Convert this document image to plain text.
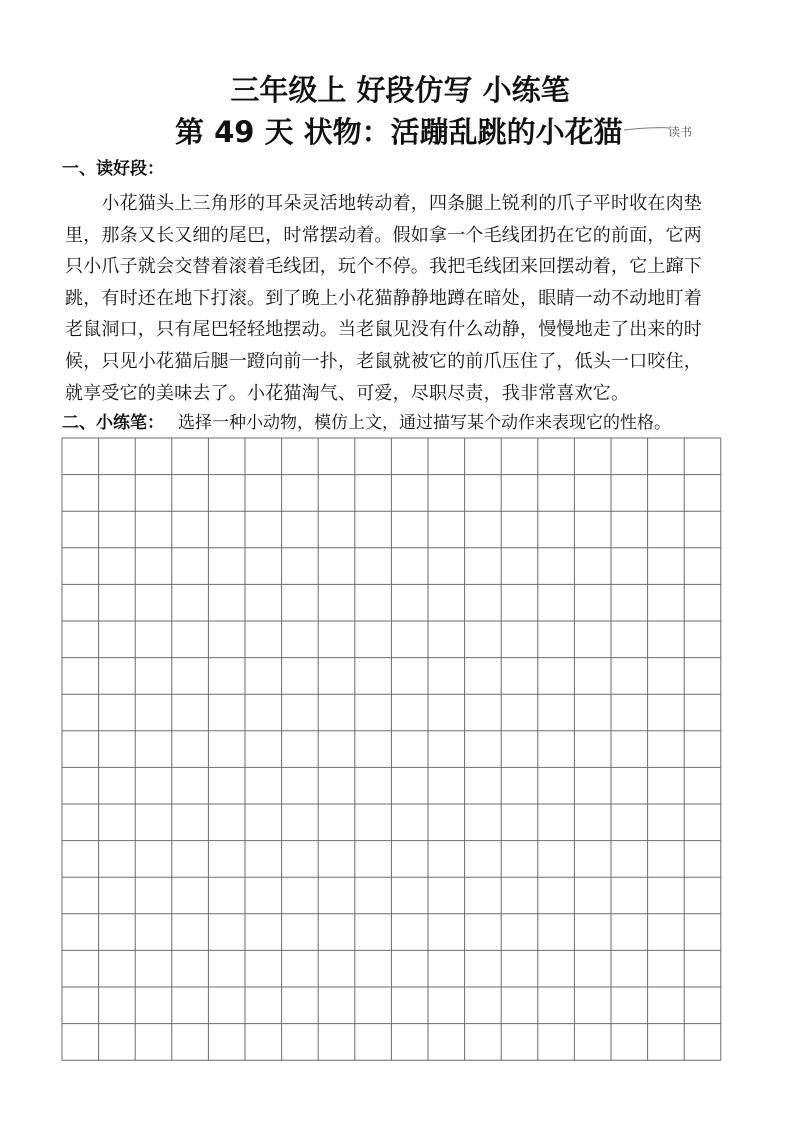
三年级上 好段仿写 小练笔
第 49 天 状物：活蹦乱跳的小花猫	读书
一、读好段：
　　小花猫头上三角形的耳朵灵活地转动着，四条腿上锐利的爪子平时收在肉垫
里，那条又长又细的尾巴，时常摆动着。假如拿一个毛线团扔在它的前面，它两
只小爪子就会交替着滚着毛线团，玩个不停。我把毛线团来回摆动着，它上蹿下
跳，有时还在地下打滚。到了晚上小花猫静静地蹲在暗处，眼睛一动不动地盯着
老鼠洞口，只有尾巴轻轻地摆动。当老鼠见没有什么动静，慢慢地走了出来的时
候，只见小花猫后腿一蹬向前一扑，老鼠就被它的前爪压住了，低头一口咬住，
就享受它的美味去了。小花猫淘气、可爱，尽职尽责，我非常喜欢它。
二、小练笔： 选择一种小动物，模仿上文，通过描写某个动作来表现它的性格。
